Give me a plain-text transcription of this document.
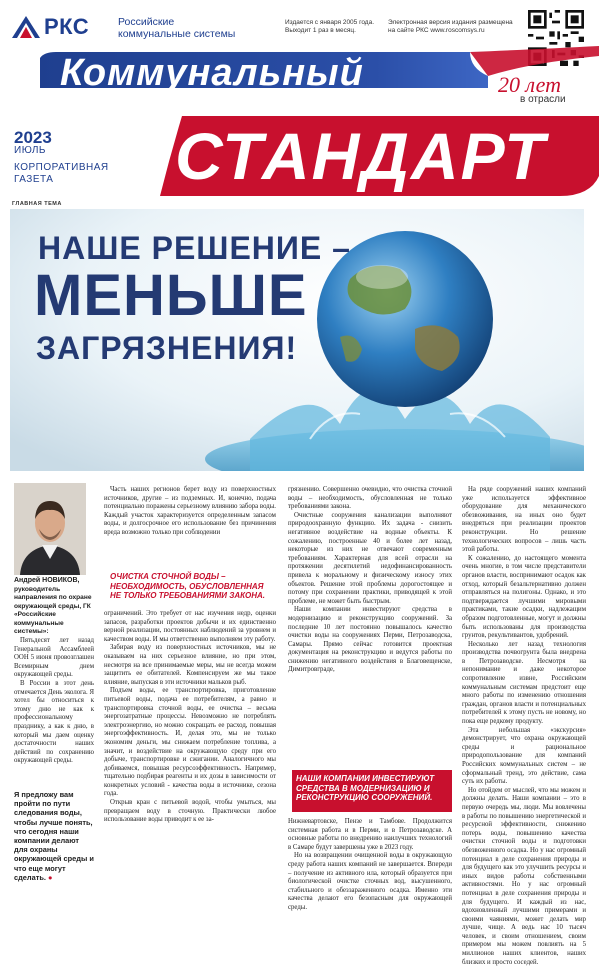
РКС	Российские
коммунальные системы
Издается с января 2005 года.
Выходит 1 раз в месяц.
Электронная версия издания размещена
на сайте РКС www.roscomsys.ru
Коммунальный	20 лет
в отрасли
2023
ИЮЛЬ
КОРПОРАТИВНАЯ
ГАЗЕТА	СТАНДАРТ
ГЛАВНАЯ ТЕМА
НАШЕ РЕШЕНИЕ –
МЕНЬШЕ
ЗАГРЯЗНЕНИЯ!
Андрей НОВИКОВ,
руководитель направления по охране окружающей среды, ГК «Российские коммунальные системы»:

Пятьдесят лет назад Генеральной Ассамблеей ООН 5 июня провозглашен Всемирным днем окружающей среды.

В России в этот день отмечается День эколога. Я хотел бы относиться к этому дню не как к профессиональному празднику, а как к дню, в который мы даем оценку достаточности наших действий по сохранению окружающей среды.

Я предложу вам пройти по пути следования воды, чтобы лучше понять, что сегодня наши компании делают для охраны окружающей среды и что еще могут сделать. ●

Часть наших регионов берет воду из поверхностных источников, другие – из подземных. И, конечно, подача потенциально поражены серьезному влиянию забора воды. Каждый участок характеризуется определенным запасом воды, и долгосрочное его использование без причинения вреда возможно только при соблюдении

ОЧИСТКА СТОЧНОЙ ВОДЫ – НЕОБХОДИМОСТЬ, ОБУСЛОВЛЕННАЯ НЕ ТОЛЬКО ТРЕБОВАНИЯМИ ЗАКОНА.

ограничений. Это требует от нас изучения недр, оценки запасов, разработки проектов добычи и их единственно верной реализации, постоянных наблюдений за уровнем и качеством воды. И мы ответственно выполняем эту работу.

Забирая воду из поверхностных источников, мы не оказываем на них серьезное влияние, но при этом, несмотря на все принимаемые меры, мы не всегда можем защитить ее обитателей. Компенсируем же мы такое влияние, выпуская в эти источники мальков рыб.

Подъем воды, ее транспортировка, приготовление питьевой воды, подача ее потребителям, а равно и транспортировка сточной воды, ее очистка – весьма энергозатратные процессы. Невозможно не потреблять электроэнергию, но можно сокращать ее расход, повышая энергоэффективность. И, делая это, мы не только экономим деньги, мы снижаем потребление топлива, а значит, и воздействие на окружающую среду при его добыче, транспортировке и сжигании. Аналогичного мы добиваемся, повышая ресурсоэффективность. Например, тщательно подбирая реагенты и их дозы в зависимости от конкретных условий - качества воды в источнике, сезона года.

Открыв кран с питьевой водой, чтобы умыться, мы превращаем воду в сточную. Практически любое использование воды приводит к ее за-

грязнению. Совершенно очевидно, что очистка сточной воды – необходимость, обусловленная не только требованиями закона.

Очистные сооружения канализации выполняют природоохранную функцию. Их задача - снизить негативное воздействие на водные объекты. К сожалению, построенные 40 и более лет назад, некоторые из них не отвечают современным требованиям. Характерная для всей отрасли на протяжении десятилетий недофинансированность привела к моральному и физическому износу этих объектов. Решение этой проблемы дорогостоящее и потому при сохранении практики, приводящей к этой проблеме, не может быть быстрым.

Наши компании инвестируют средства в модернизацию и реконструкцию сооружений. За последние 10 лет постоянно повышалось качество очистки воды на сооружениях Перми, Петрозаводска, Самары. Прямо сейчас готовится проектная документация на реконструкцию и ведутся работы по снижению негативного воздействия в Благовещенске, Димитровграде,

НАШИ КОМПАНИИ ИНВЕСТИРУЮТ СРЕДСТВА В МОДЕРНИЗАЦИЮ И РЕКОНСТРУКЦИЮ СООРУЖЕНИЙ.

Нижневартовске, Пензе и Тамбове. Продолжится системная работа и в Перми, и в Петрозаводске. А основные работы по внедрению наилучших технологий в Самаре будут завершены уже в 2023 году.

Но на возвращении очищенной воды в окружающую среду работа наших компаний не завершается. Впереди – получение из активного ила, который образуется при биологической очистке сточных вод, высушенного, стабильного и обеззараженного осадка. Именно эти качества делают его безопасным для окружающей среды.

На ряде сооружений наших компаний уже используется эффективное оборудование для механического обезвоживания, на иных оно будет внедряться при реализации проектов реконструкции. Но решение технологических вопросов – лишь часть этой работы.

К сожалению, до настоящего момента очень многие, в том числе представители органов власти, воспринимают осадок как отход, который безальтернативно должен отправляться на полигоны. Однако, и это подтверждается лучшими мировыми практиками, такие осадки, надлежащим образом подготовленные, могут и должны быть использованы для производства грунтов, рекультивантов, удобрений.

Несколько лет назад технология производства почвогрунта была внедрена в Петрозаводске. Несмотря на непонимание и даже некоторое сопротивление извне, Российским коммунальным системам предстоит еще много работы по изменению отношения граждан, органов власти и потенциальных потребителей к этому пусть не новому, но пока еще редкому продукту.

Эта небольшая «экскурсия» демонстрирует, что охрана окружающей среды и рациональное природопользование для компаний Российских коммунальных систем – не сформальный тренд, это действие, сама суть их работы.

Но отойдем от мыслей, что мы можем и должны делать. Наши компании – это в первую очередь мы, люди. Мы вовлечены в работы по повышению энергетической и ресурсной эффективности, снижению потерь воды, повышению качества очистки сточной воды и подготовки обезвоженного осадка. Но у нас огромный потенциал в деле сохранения природы и для будущего как это улучшить ресурсы и иных видов работы собственными активностями. Но у нас огромный потенциал в деле сохранения природы и для будущего. И каждый из нас, вдохновленный лучшими примерами и своими чаяниями, может делать мир лучше, чище. А ведь нас 10 тысяч человек, и своим отношением, своим примером мы можем повлиять на 5 миллионов наших клиентов, наших близких и просто соседей.
